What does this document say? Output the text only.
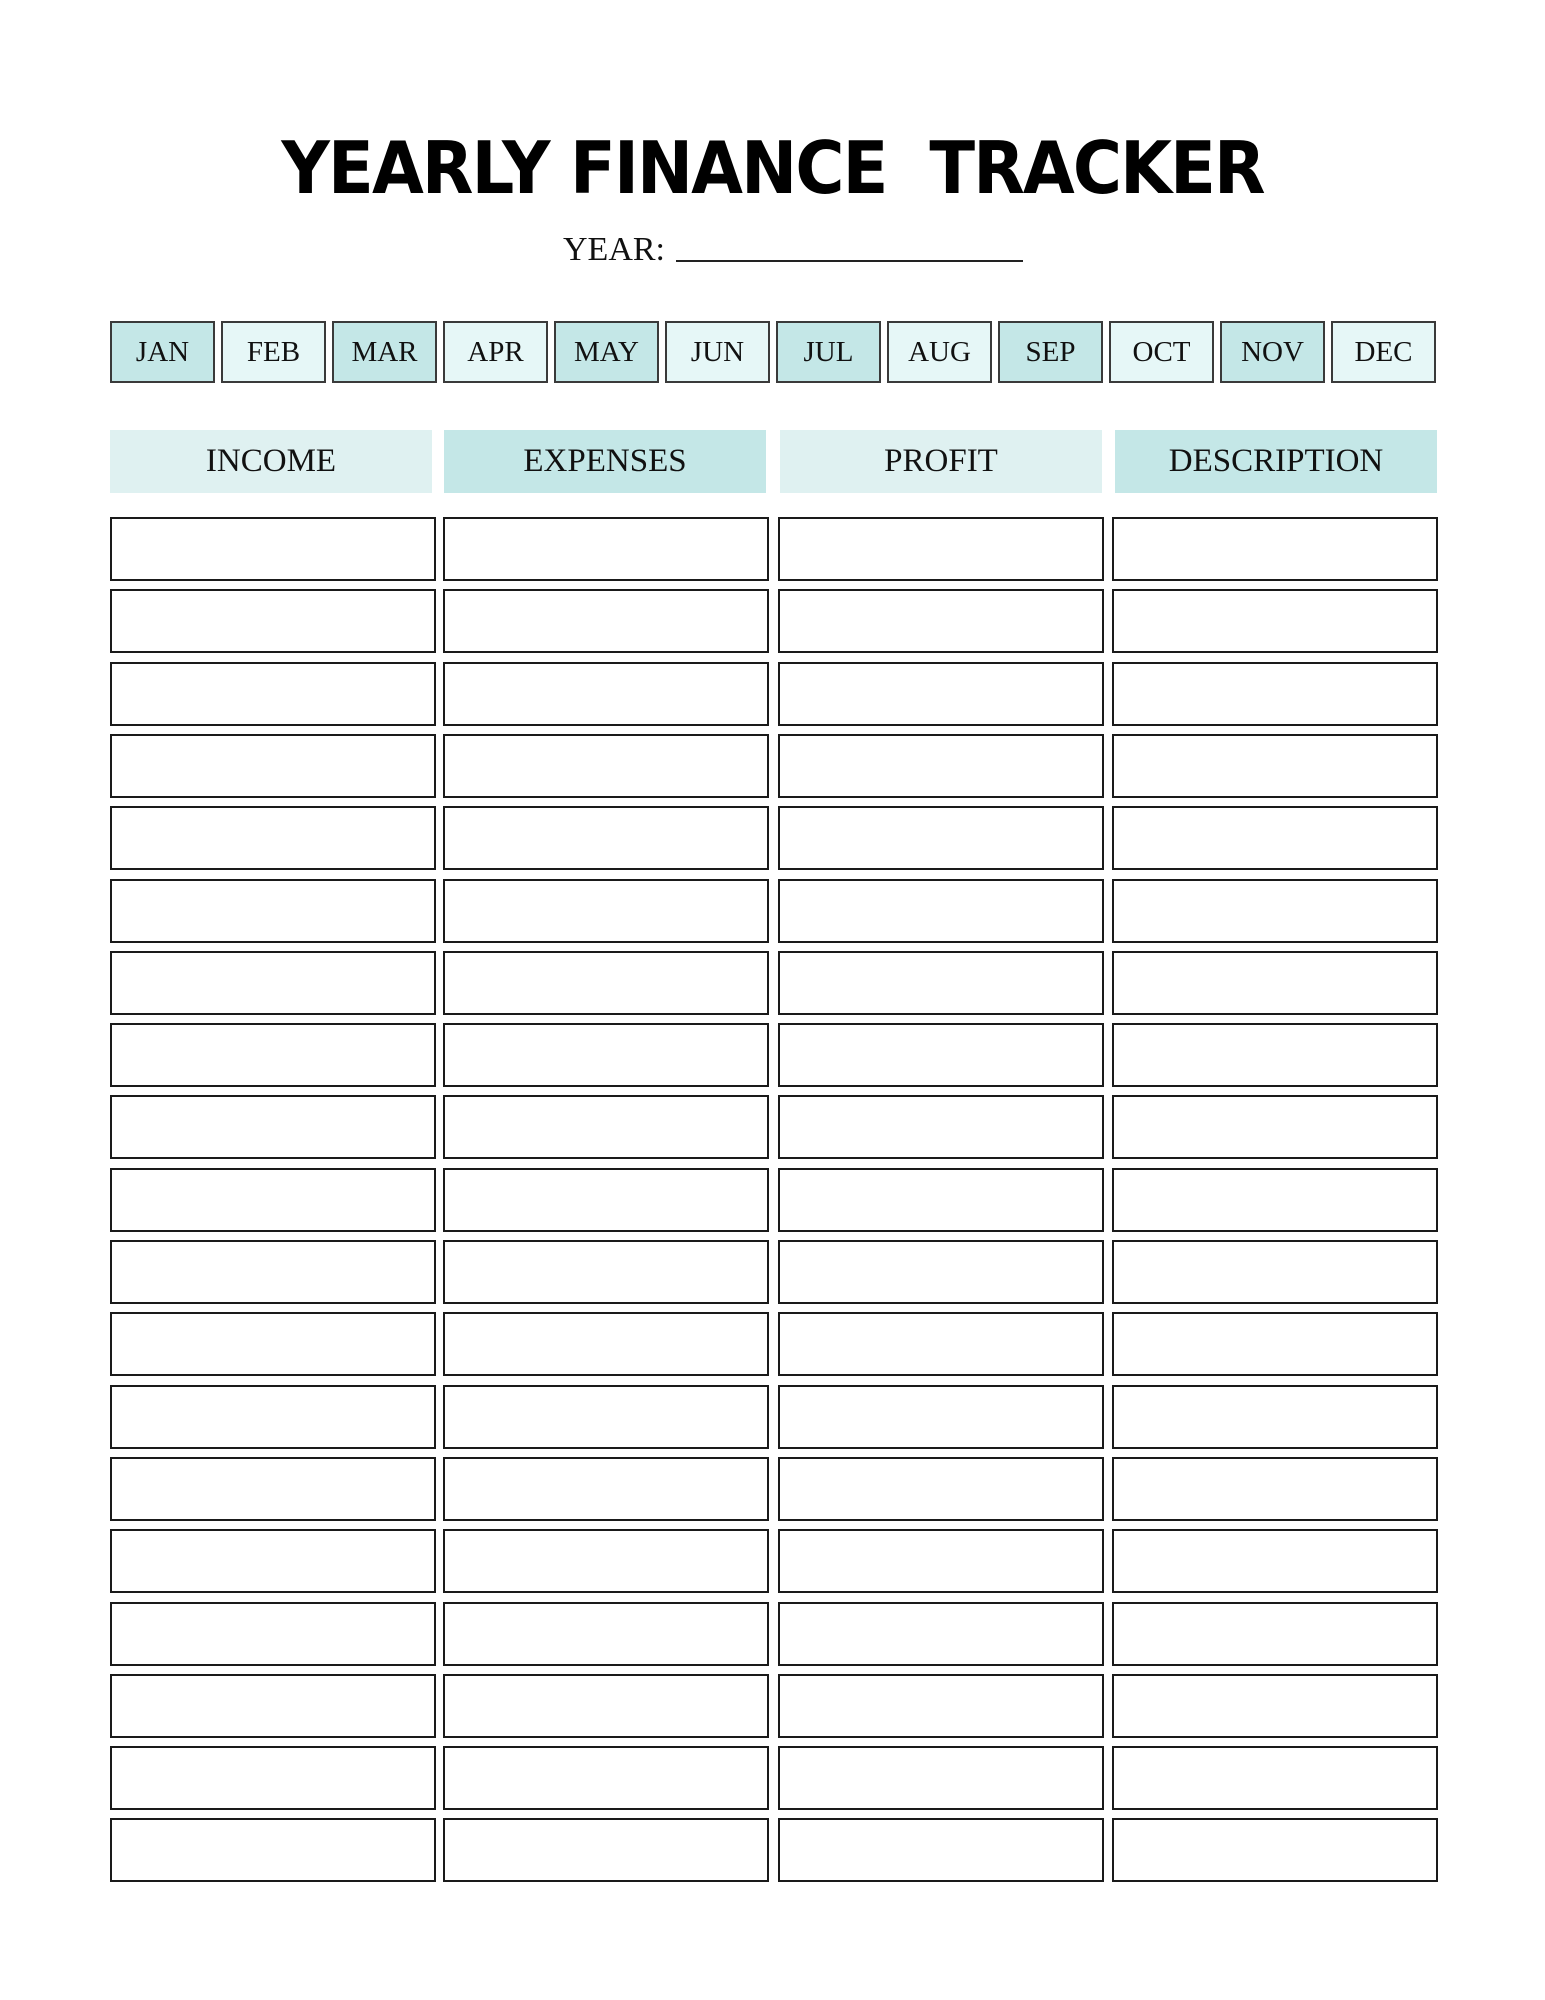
YEARLY FINANCE  TRACKER
YEAR:
JAN	FEB	MAR	APR	MAY	JUN	JUL	AUG	SEP	OCT	NOV	DEC
INCOME	EXPENSES	PROFIT	DESCRIPTION
